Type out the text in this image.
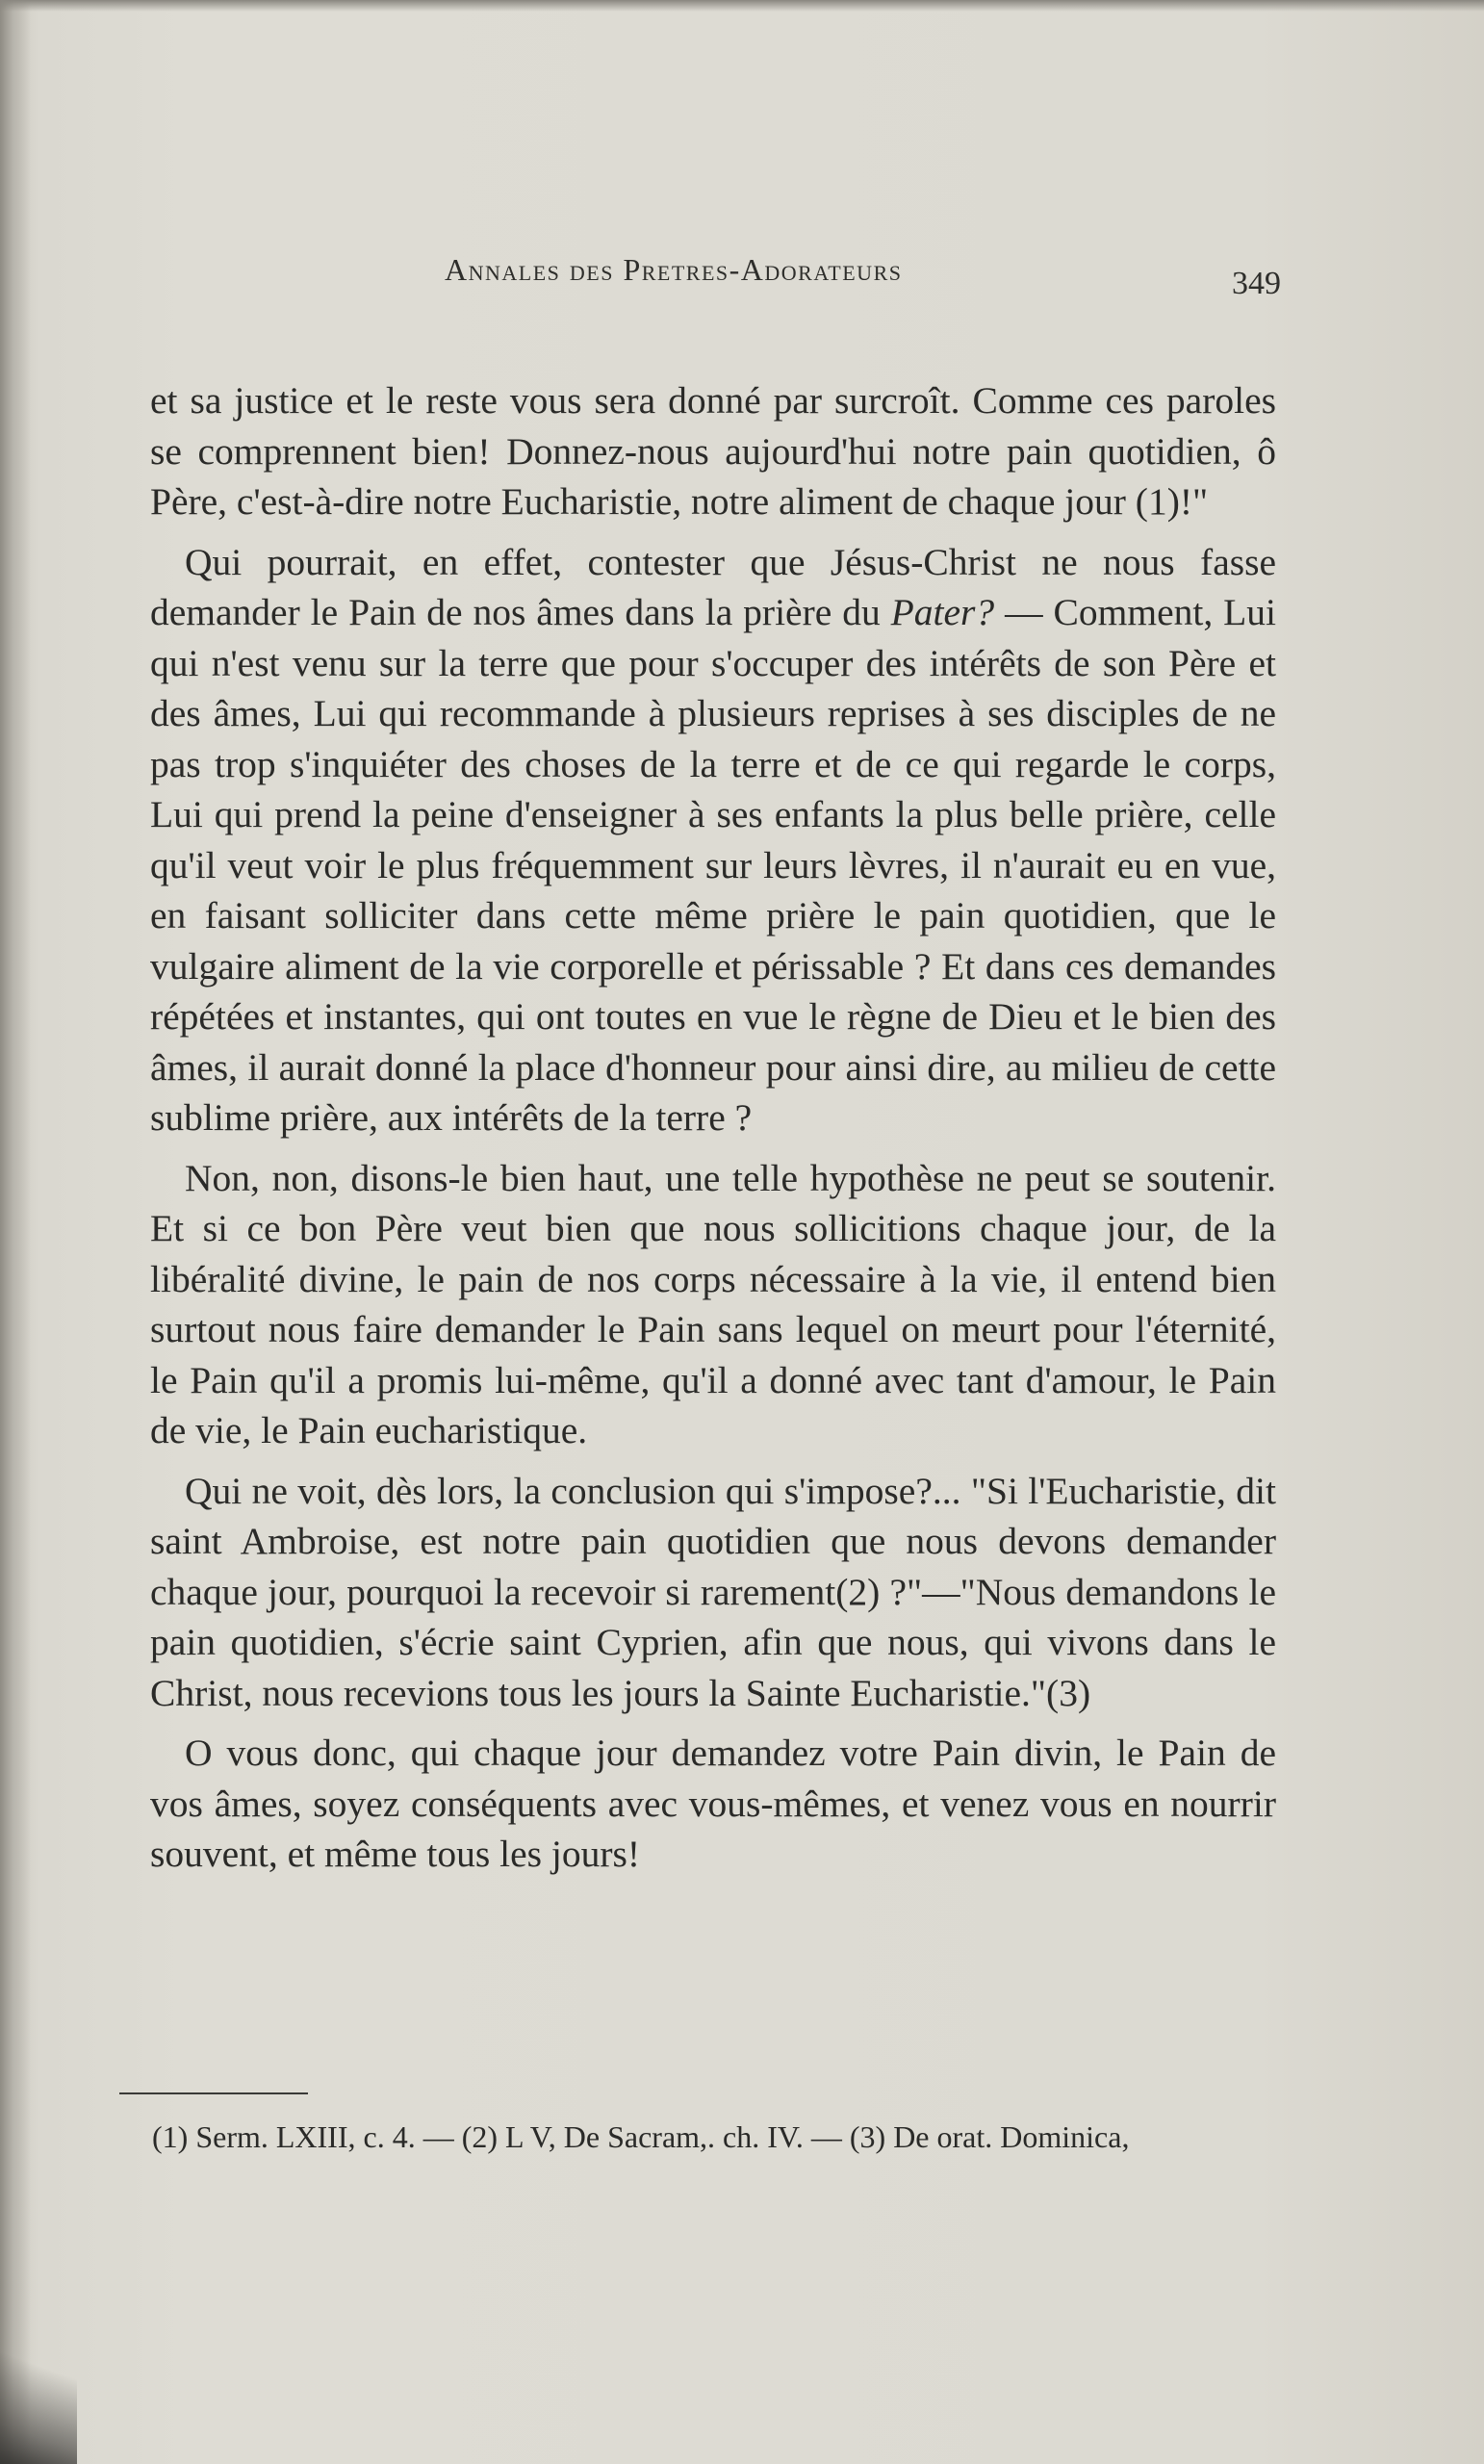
Annales des Pretres-Adorateurs	349

et sa justice et le reste vous sera donné par surcroît. Comme ces paroles se comprennent bien! Donnez-nous aujourd'hui notre pain quotidien, ô Père, c'est-à-dire notre Eucharistie, notre aliment de chaque jour (1)!"

Qui pourrait, en effet, contester que Jésus-Christ ne nous fasse demander le Pain de nos âmes dans la prière du Pater? — Comment, Lui qui n'est venu sur la terre que pour s'occuper des intérêts de son Père et des âmes, Lui qui recommande à plusieurs reprises à ses disciples de ne pas trop s'inquiéter des choses de la terre et de ce qui regarde le corps, Lui qui prend la peine d'enseigner à ses enfants la plus belle prière, celle qu'il veut voir le plus fréquemment sur leurs lèvres, il n'aurait eu en vue, en faisant solliciter dans cette même prière le pain quotidien, que le vulgaire aliment de la vie corporelle et périssable ? Et dans ces demandes répétées et instantes, qui ont toutes en vue le règne de Dieu et le bien des âmes, il aurait donné la place d'honneur pour ainsi dire, au milieu de cette sublime prière, aux intérêts de la terre ?

Non, non, disons-le bien haut, une telle hypothèse ne peut se soutenir. Et si ce bon Père veut bien que nous sollicitions chaque jour, de la libéralité divine, le pain de nos corps nécessaire à la vie, il entend bien surtout nous faire demander le Pain sans lequel on meurt pour l'éternité, le Pain qu'il a promis lui-même, qu'il a donné avec tant d'amour, le Pain de vie, le Pain eucharistique.

Qui ne voit, dès lors, la conclusion qui s'impose?... "Si l'Eucharistie, dit saint Ambroise, est notre pain quotidien que nous devons demander chaque jour, pourquoi la recevoir si rarement(2) ?"—"Nous demandons le pain quotidien, s'écrie saint Cyprien, afin que nous, qui vivons dans le Christ, nous recevions tous les jours la Sainte Eucharistie."(3)

O vous donc, qui chaque jour demandez votre Pain divin, le Pain de vos âmes, soyez conséquents avec vous-mêmes, et venez vous en nourrir souvent, et même tous les jours!

(1) Serm. LXIII, c. 4. — (2) L V, De Sacram,. ch. IV. — (3) De orat. Dominica,
